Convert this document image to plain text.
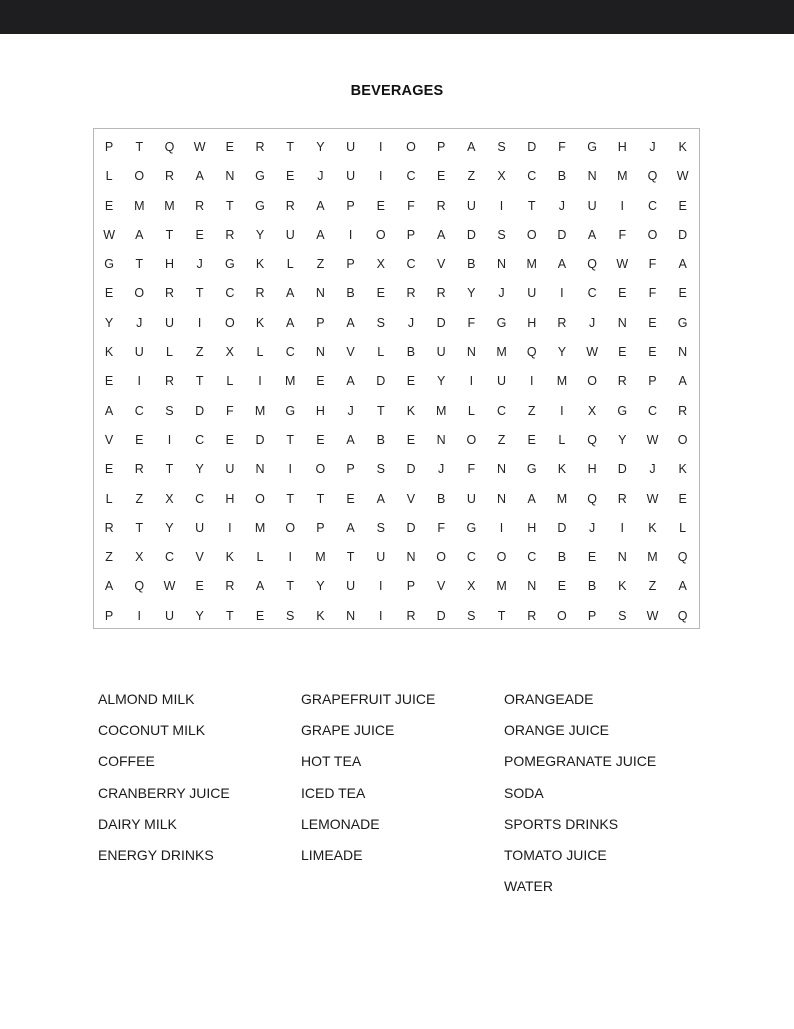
BEVERAGES
P	T	Q	W	E	R	T	Y	U	I	O	P	A	S	D	F	G	H	J	K
L	O	R	A	N	G	E	J	U	I	C	E	Z	X	C	B	N	M	Q	W
E	M	M	R	T	G	R	A	P	E	F	R	U	I	T	J	U	I	C	E
W	A	T	E	R	Y	U	A	I	O	P	A	D	S	O	D	A	F	O	D
G	T	H	J	G	K	L	Z	P	X	C	V	B	N	M	A	Q	W	F	A
E	O	R	T	C	R	A	N	B	E	R	R	Y	J	U	I	C	E	F	E
Y	J	U	I	O	K	A	P	A	S	J	D	F	G	H	R	J	N	E	G
K	U	L	Z	X	L	C	N	V	L	B	U	N	M	Q	Y	W	E	E	N
E	I	R	T	L	I	M	E	A	D	E	Y	I	U	I	M	O	R	P	A
A	C	S	D	F	M	G	H	J	T	K	M	L	C	Z	I	X	G	C	R
V	E	I	C	E	D	T	E	A	B	E	N	O	Z	E	L	Q	Y	W	O
E	R	T	Y	U	N	I	O	P	S	D	J	F	N	G	K	H	D	J	K
L	Z	X	C	H	O	T	T	E	A	V	B	U	N	A	M	Q	R	W	E
R	T	Y	U	I	M	O	P	A	S	D	F	G	I	H	D	J	I	K	L
Z	X	C	V	K	L	I	M	T	U	N	O	C	O	C	B	E	N	M	Q
A	Q	W	E	R	A	T	Y	U	I	P	V	X	M	N	E	B	K	Z	A
P	I	U	Y	T	E	S	K	N	I	R	D	S	T	R	O	P	S	W	Q
ALMOND MILK
COCONUT MILK
COFFEE
CRANBERRY JUICE
DAIRY MILK
ENERGY DRINKS
GRAPEFRUIT JUICE
GRAPE JUICE
HOT TEA
ICED TEA
LEMONADE
LIMEADE
ORANGEADE
ORANGE JUICE
POMEGRANATE JUICE
SODA
SPORTS DRINKS
TOMATO JUICE
WATER
